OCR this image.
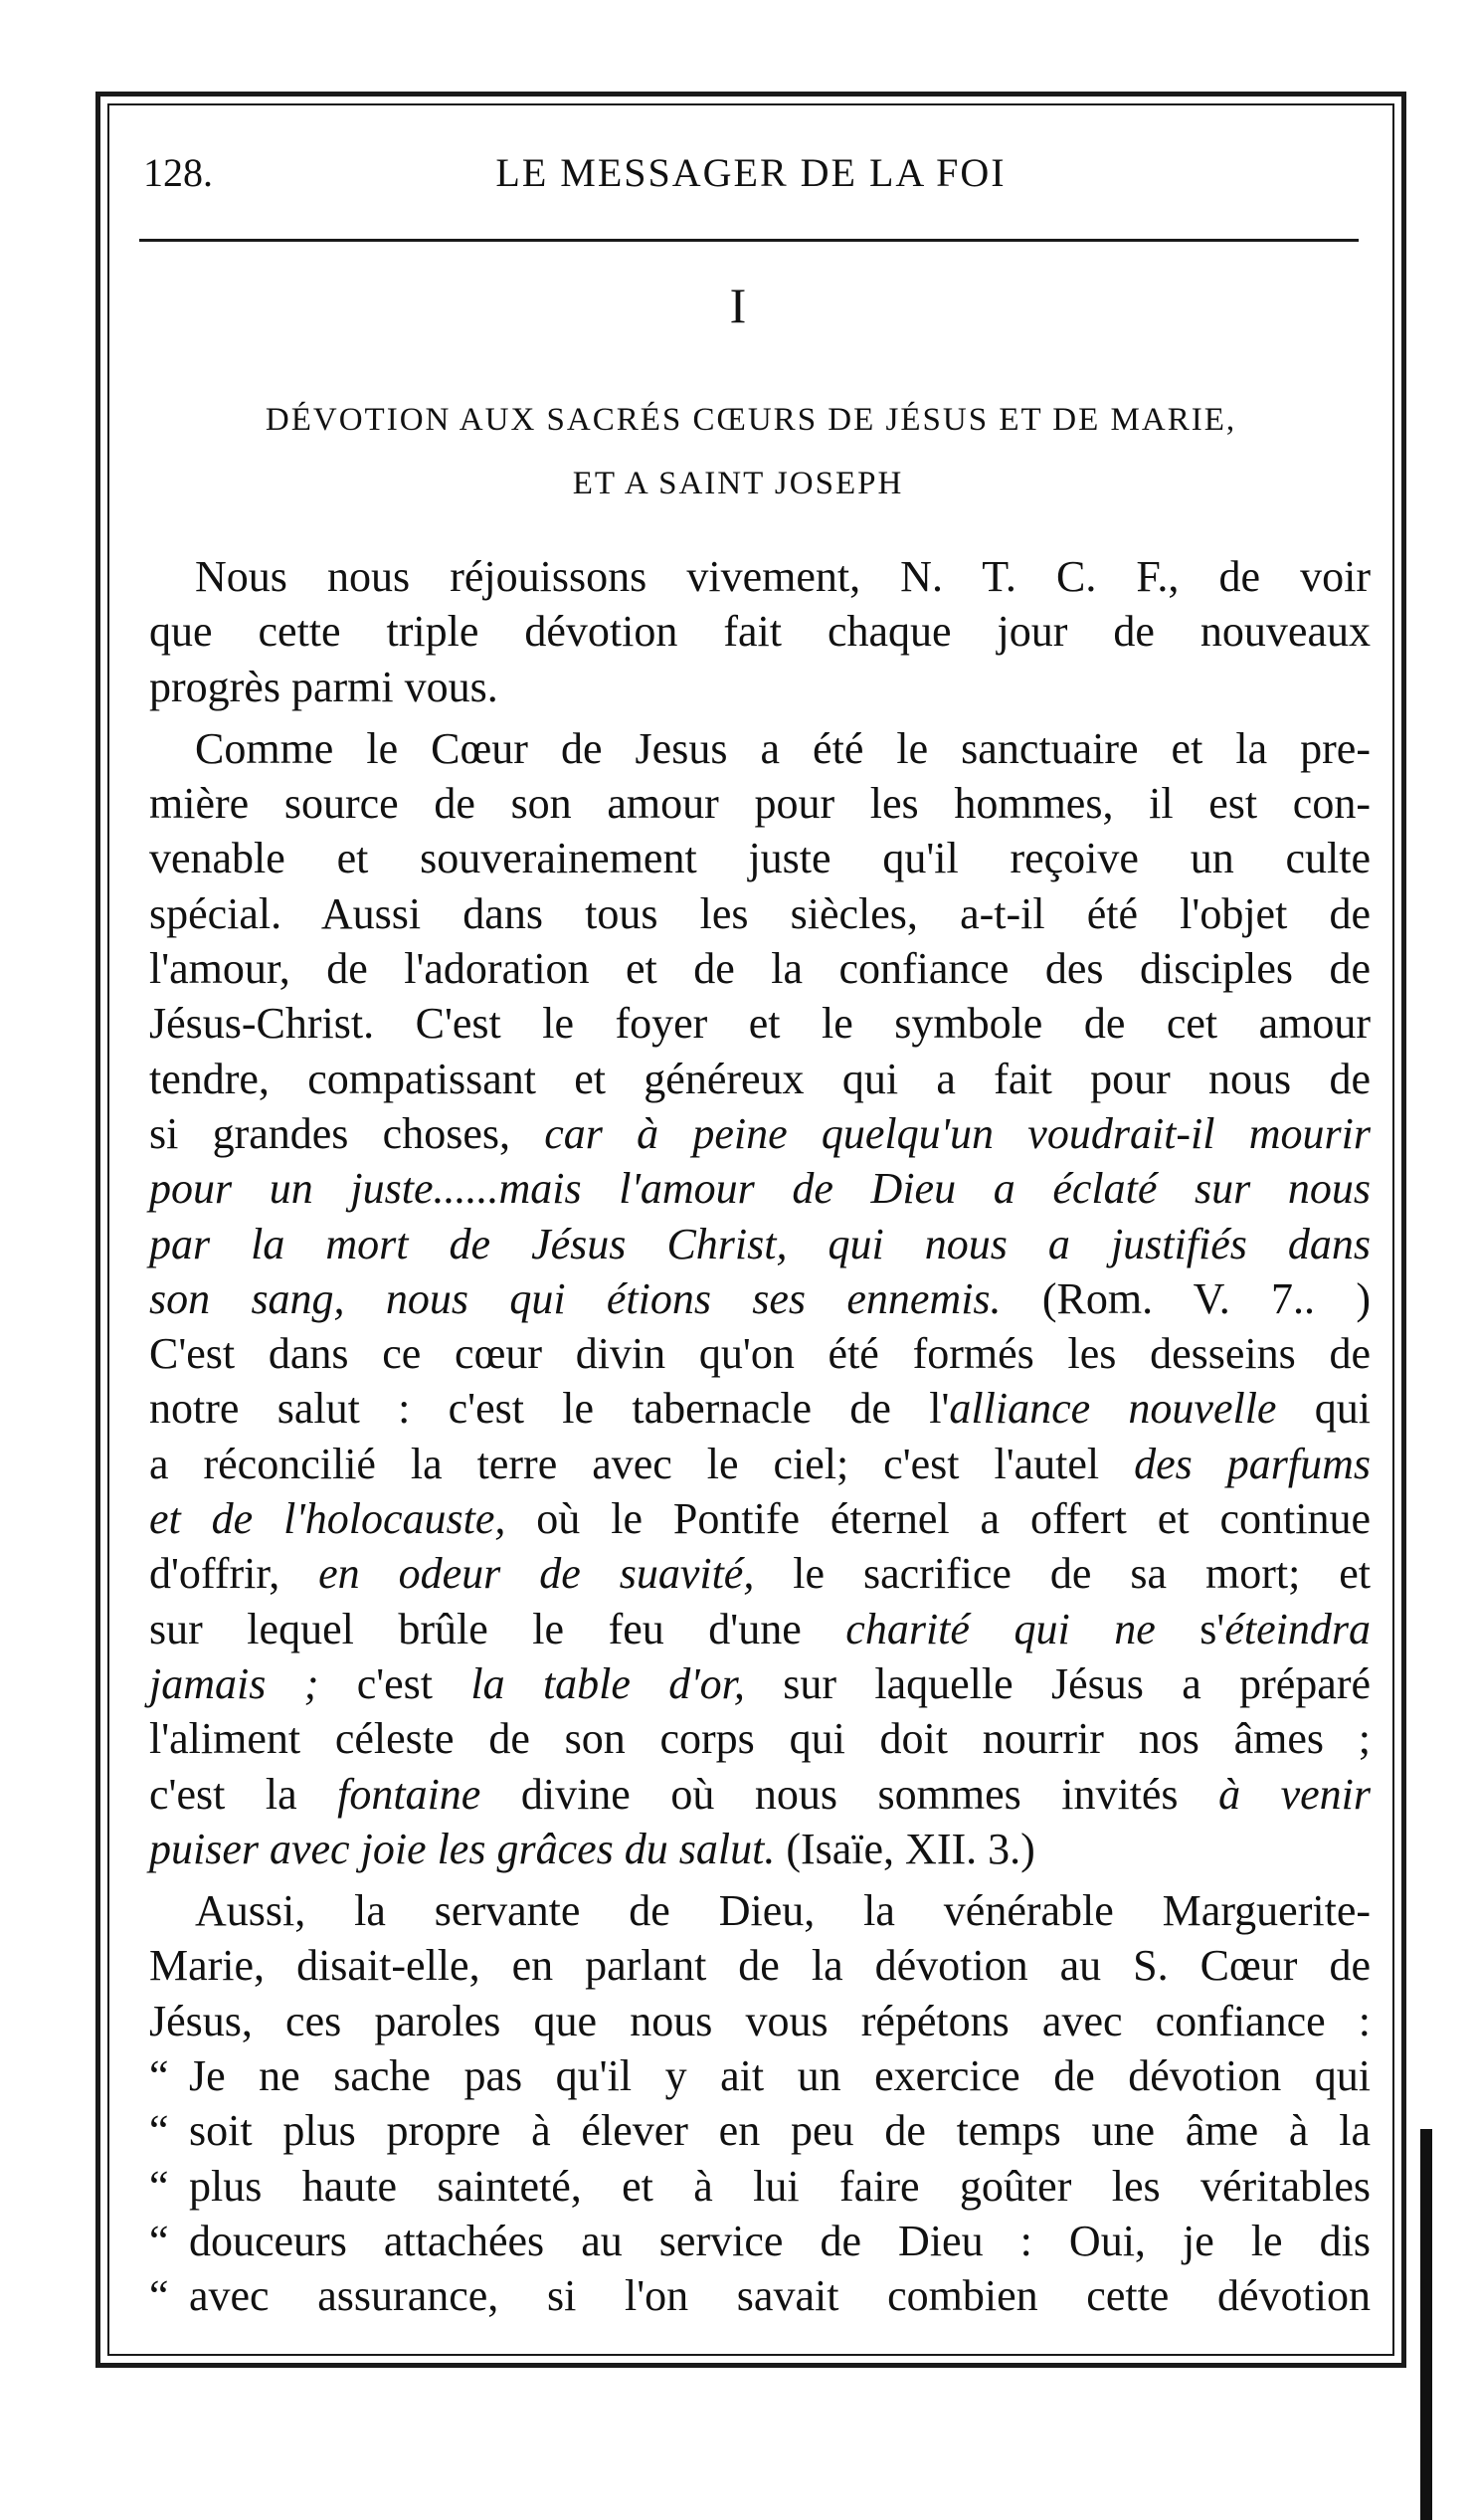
128.	LE MESSAGER DE LA FOI
I
DÉVOTION AUX SACRÉS CŒURS DE JÉSUS ET DE MARIE,
ET A SAINT JOSEPH
Nous nous réjouissons vivement, N. T. C. F., de voir
que cette triple dévotion fait chaque jour de nouveaux
progrès parmi vous.
Comme le Cœur de Jesus a été le sanctuaire et la pre-
mière source de son amour pour les hommes, il est con-
venable et souverainement juste qu'il reçoive un culte
spécial. Aussi dans tous les siècles, a-t-il été l'objet de
l'amour, de l'adoration et de la confiance des disciples de
Jésus-Christ. C'est le foyer et le symbole de cet amour
tendre, compatissant et généreux qui a fait pour nous de
si grandes choses, car à peine quelqu'un voudrait-il mourir
pour un juste......mais l'amour de Dieu a éclaté sur nous
par la mort de Jésus Christ, qui nous a justifiés dans
son sang, nous qui étions ses ennemis. (Rom. V. 7.. )
C'est dans ce cœur divin qu'on été formés les desseins de
notre salut : c'est le tabernacle de l'alliance nouvelle qui
a réconcilié la terre avec le ciel; c'est l'autel des parfums
et de l'holocauste, où le Pontife éternel a offert et continue
d'offrir, en odeur de suavité, le sacrifice de sa mort; et
sur lequel brûle le feu d'une charité qui ne s'éteindra
jamais ; c'est la table d'or, sur laquelle Jésus a préparé
l'aliment céleste de son corps qui doit nourrir nos âmes ;
c'est la fontaine divine où nous sommes invités à venir
puiser avec joie les grâces du salut. (Isaïe, XII. 3.)
Aussi, la servante de Dieu, la vénérable Marguerite-
Marie, disait-elle, en parlant de la dévotion au S. Cœur de
Jésus, ces paroles que nous vous répétons avec confiance :
“ Je ne sache pas qu'il y ait un exercice de dévotion qui
“ soit plus propre à élever en peu de temps une âme à la
“ plus haute sainteté, et à lui faire goûter les véritables
“ douceurs attachées au service de Dieu : Oui, je le dis
“ avec assurance, si l'on savait combien cette dévotion
